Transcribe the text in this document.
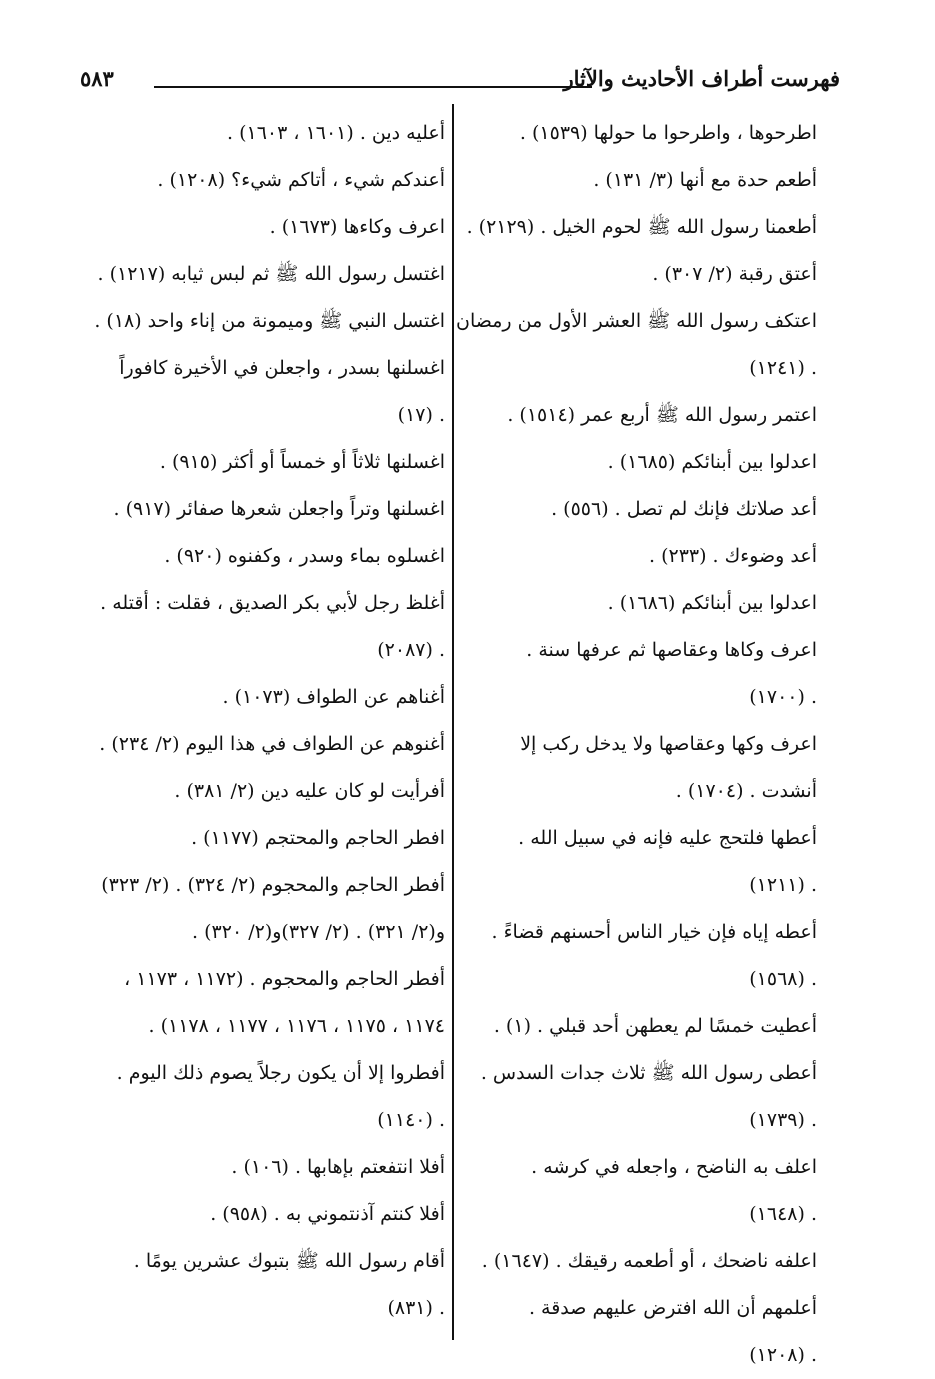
فهرست أطراف الأحاديث والآثار
٥٨٣
اطرحوها ، واطرحوا ما حولها (١٥٣٩) .
أطعم حدة مع أنها (٣/ ١٣١) .
أطعمنا رسول الله ﷺ لحوم الخيل . (٢١٢٩) .
أعتق رقبة (٢/ ٣٠٧) .
اعتكف رسول الله ﷺ العشر الأول من رمضان
. (١٢٤١)
اعتمر رسول الله ﷺ أربع عمر (١٥١٤) .
اعدلوا بين أبنائكم (١٦٨٥) .
أعد صلاتك فإنك لم تصل . (٥٥٦) .
أعد وضوءك . (٢٣٣) .
اعدلوا بين أبنائكم (١٦٨٦) .
اعرف وكاها وعقاصها ثم عرفها سنة .
. (١٧٠٠)
اعرف وكها وعقاصها ولا يدخل ركب إلا
أنشدت . (١٧٠٤) .
أعطها فلتحج عليه فإنه في سبيل الله .
. (١٢١١)
أعطه إياه فإن خيار الناس أحسنهم قضاءً .
. (١٥٦٨)
أعطيت خمسًا لم يعطهن أحد قبلي . (١) .
أعطى رسول الله ﷺ ثلاث جدات السدس .
. (١٧٣٩)
اعلف به الناضح ، واجعله في كرشه .
. (١٦٤٨)
اعلفه ناضحك ، أو أطعمه رقيقك . (١٦٤٧) .
أعلمهم أن الله افترض عليهم صدقة .
. (١٢٠٨)
أعليه دين . (١٦٠١ ، ١٦٠٣) .
أعندكم شيء ، أتاكم شيء؟ (١٢٠٨) .
اعرف وكاءها (١٦٧٣) .
اغتسل رسول الله ﷺ ثم لبس ثيابه (١٢١٧) .
اغتسل النبي ﷺ وميمونة من إناء واحد (١٨) .
اغسلنها بسدر ، واجعلن في الأخيرة كافوراً
. (١٧)
اغسلنها ثلاثاً أو خمساً أو أكثر (٩١٥) .
اغسلنها وتراً واجعلن شعرها صفائر (٩١٧) .
اغسلوه بماء وسدر ، وكفنوه (٩٢٠) .
أغلظ رجل لأبي بكر الصديق ، فقلت : أقتله .
. (٢٠٨٧)
أغناهم عن الطواف (١٠٧٣) .
أغنوهم عن الطواف في هذا اليوم (٢/ ٢٣٤) .
أفرأيت لو كان عليه دين (٢/ ٣٨١) .
افطر الحاجم والمحتجم (١١٧٧) .
أفطر الحاجم والمحجوم (٢/ ٣٢٤) . (٢/ ٣٢٣)
و(٢/ ٣٢١) . (٢/ ٣٢٧)و(٢/ ٣٢٠) .
أفطر الحاجم والمحجوم . (١١٧٢ ، ١١٧٣ ،
١١٧٤ ، ١١٧٥ ، ١١٧٦ ، ١١٧٧ ، ١١٧٨) .
أفطروا إلا أن يكون رجلاً يصوم ذلك اليوم .
. (١١٤٠)
أفلا انتفعتم بإهابها . (١٠٦) .
أفلا كنتم آذنتموني به . (٩٥٨) .
أقام رسول الله ﷺ بتبوك عشرين يومًا .
. (٨٣١)
